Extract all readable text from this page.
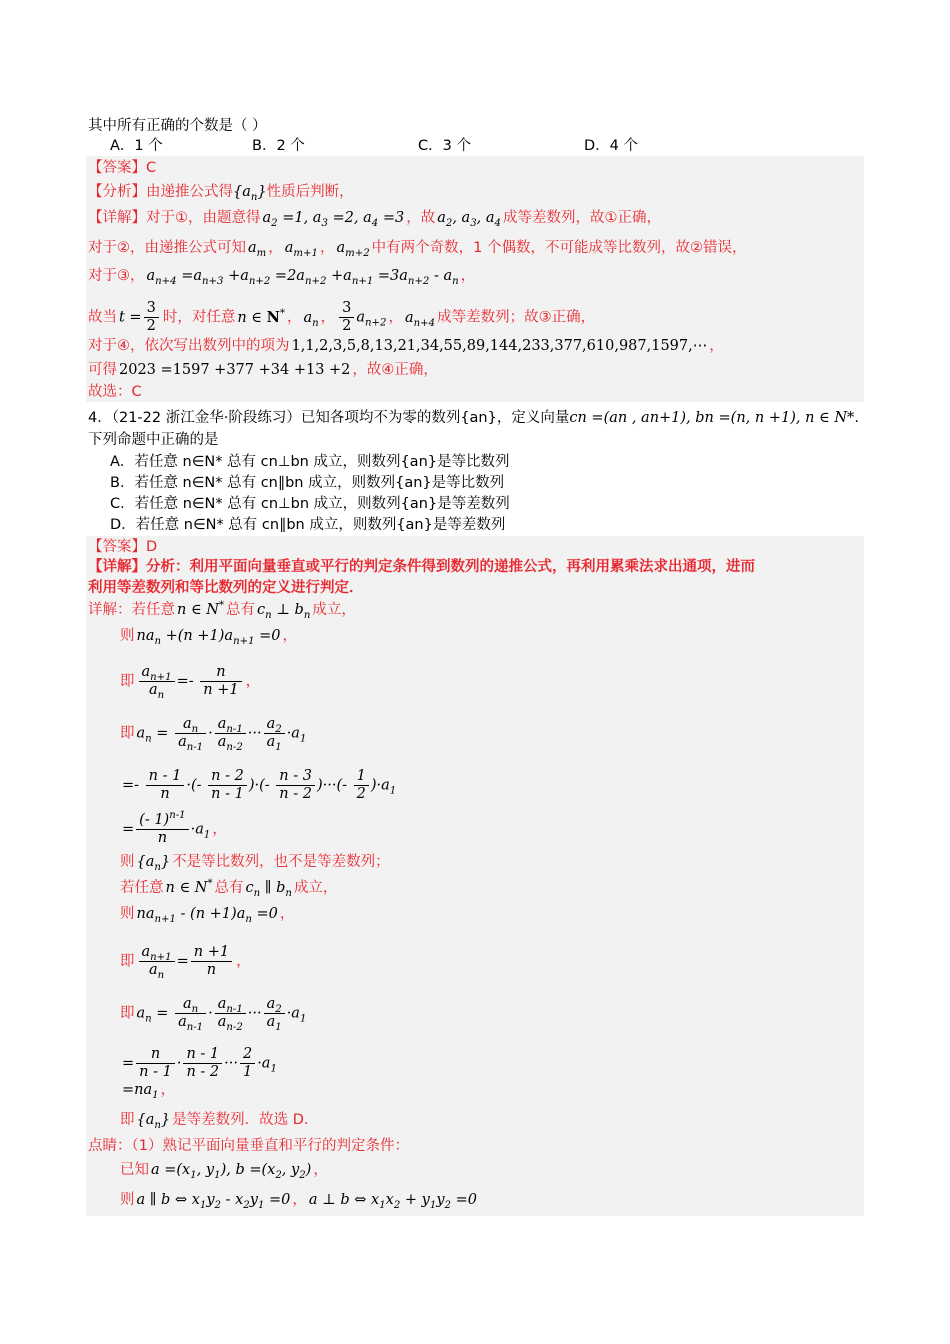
其中所有正确的个数是（ ）
A．1 个	B．2 个	C．3 个	D．4 个
【答案】C
【分析】由递推公式得$\{a_n\}$性质后判断，
【详解】对于①，由题意得 $a_2 =1$, $a_3 =2$, $a_4 =3$ ，故 $a_2$, $a_3$, $a_4$ 成等差数列，故①正确，
对于②，由递推公式可知 $a_m$ ， $a_{m+1}$ ， $a_{m+2}$ 中有两个奇数，1 个偶数，不可能成等比数列，故②错误，
对于③， $a_{n+4} =a_{n+3} +a_{n+2} =2a_{n+2} +a_{n+1} =3a_{n+2} - a_n$ ，
故当 $t = \frac{3}{2}$ 时，对任意 n ∈ N* ， $a_n$ ， $\frac{3}{2} a_{n+2}$ ， $a_{n+4}$ 成等差数列；故③正确，
对于④，依次写出数列中的项为 1,1,2,3,5,8,13,21,34,55,89,144,233,377,610,987,1597,⋯ ，
可得 2023 =1597 +377 +34 +13 +2 ，故④正确，
故选：C
4．（21-22 浙江金华·阶段练习）已知各项均不为零的数列{an}，定义向量cn =(an , an+1), bn =(n, n +1), n ∈ N*.
下列命题中正确的是
A．若任意 n∈N* 总有 cn⊥bn 成立，则数列{an}是等比数列
B．若任意 n∈N* 总有 cn∥bn 成立，则数列{an}是等比数列
C．若任意 n∈N* 总有 cn⊥bn 成立，则数列{an}是等差数列
D．若任意 n∈N* 总有 cn∥bn 成立，则数列{an}是等差数列
【答案】D
【详解】分析：利用平面向量垂直或平行的判定条件得到数列的递推公式，再利用累乘法求出通项，进而
利用等差数列和等比数列的定义进行判定．
详解：若任意 n ∈ N* 总有 $c_n$ ⊥ $b_n$ 成立，
则 $na_n +(n +1)a_{n+1} =0$ ，
即 $\frac{a_{n+1}}{a_n} =- \frac{n}{n +1}$ ，
即 $a_n = \frac{a_n}{a_{n-1}} \cdot \frac{a_{n-1}}{a_{n-2}}$ ··· $\frac{a_2}{a_1} \cdot a_1$
=- $\frac{n - 1}{n}$ ·(- $\frac{n - 2}{n - 1}$ )·(- $\frac{n - 3}{n - 2}$ )···(- $\frac{1}{2} )\cdot a_1$
= $\frac{(- 1)^{n-1}}{n} \cdot a_1$ ，
则 $\{a_n\}$ 不是等比数列，也不是等差数列；
若任意 n ∈ N* 总有 $c_n$ ∥ $b_n$ 成立，
则 $na_{n+1} - (n +1)a_n =0$ ，
即 $\frac{a_{n+1}}{a_n} = \frac{n +1}{n}$ ，
即 $a_n = \frac{a_n}{a_{n-1}} \cdot \frac{a_{n-1}}{a_{n-2}}$ ··· $\frac{a_2}{a_1} \cdot a_1$
= $\frac{n}{n - 1} \cdot \frac{n - 1}{n - 2}$ ··· $\frac{2}{1} \cdot a_1$
$=na_1$ ，
即 $\{a_n\}$ 是等差数列．故选 D．
点睛：（1）熟记平面向量垂直和平行的判定条件：
已知 $a =(x_1$, $y_1$), $b =(x_2$, $y_2$) ，
则 a ∥ b ⇔ $x_1y_2 - x_2y_1 =0$ ， a ⊥ b ⇔ $x_1x_2 + y_1y_2 =0$
